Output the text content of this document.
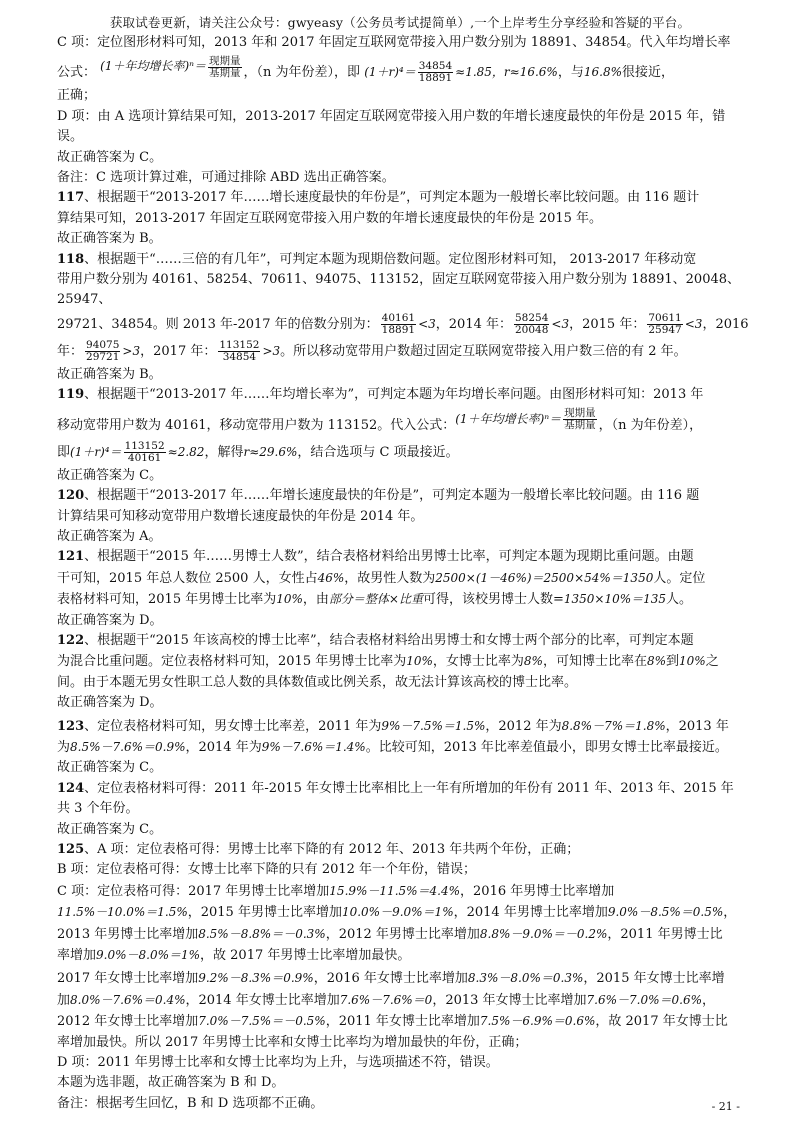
获取试卷更新，请关注公众号：gwyeasy（公务员考试提简单）,一个上岸考生分享经验和答疑的平台。

C 项：定位图形材料可知，2013 年和 2017 年固定互联网宽带接入用户数分别为 18891、34854。代入年均增长率

公式： (1＋年均增长率)$^n= \frac{\text{现期量}}{\text{基期量}}$ ，（n 为年份差），即 $(1+r)^4= \frac{34854}{18891} \approx 1.85$，r≈16.6%，与16.8%很接近，

正确；

D 项：由 A 选项计算结果可知，2013-2017 年固定互联网宽带接入用户数的年增长速度最快的年份是 2015 年，错

误。

故正确答案为 C。

备注：C 选项计算过难，可通过排除 ABD 选出正确答案。

117、根据题干“2013-2017 年……增长速度最快的年份是”，可判定本题为一般增长率比较问题。由 116 题计

算结果可知，2013-2017 年固定互联网宽带接入用户数的年增长速度最快的年份是 2015 年。

故正确答案为 B。

118、根据题干“……三倍的有几年”，可判定本题为现期倍数问题。定位图形材料可知， 2013-2017 年移动宽

带用户数分别为 40161、58254、70611、94075、113152，固定互联网宽带接入用户数分别为 18891、20048、25947、

29721、34854。则 2013 年-2017 年的倍数分别为： $\frac{40161}{18891} <3$，2014 年： $\frac{58254}{20048} <3$，2015 年： $\frac{70611}{25947} <3$，2016

年： $\frac{94075}{29721} >3$，2017 年： $\frac{113152}{34854} >3$。所以移动宽带用户数超过固定互联网宽带接入用户数三倍的有 2 年。

故正确答案为 B。

119、根据题干“2013-2017 年……年均增长率为”，可判定本题为年均增长率问题。由图形材料可知：2013 年

移动宽带用户数为 40161，移动宽带用户数为 113152。代入公式：(1＋年均增长率)$^n= \frac{\text{现期量}}{\text{基期量}}$ ，（n 为年份差），

即$(1+r)^4= \frac{113152}{40161} \approx 2.82$，解得r≈29.6%，结合选项与 C 项最接近。

故正确答案为 C。

120、根据题干“2013-2017 年……年增长速度最快的年份是”，可判定本题为一般增长率比较问题。由 116 题

计算结果可知移动宽带用户数增长速度最快的年份是 2014 年。

故正确答案为 A。

121、根据题干“2015 年……男博士人数”，结合表格材料给出男博士比率，可判定本题为现期比重问题。由题

干可知，2015 年总人数位 2500 人，女性占46%，故男性人数为2500×(1－46%)＝2500×54%＝1350人。定位

表格材料可知，2015 年男博士比率为10%，由部分＝整体×比重可得，该校男博士人数=1350×10%＝135人。

故正确答案为 D。

122、根据题干“2015 年该高校的博士比率”，结合表格材料给出男博士和女博士两个部分的比率，可判定本题

为混合比重问题。定位表格材料可知，2015 年男博士比率为10%，女博士比率为8%，可知博士比率在8%到10%之

间。由于本题无男女性职工总人数的具体数值或比例关系，故无法计算该高校的博士比率。

故正确答案为 D。

123、定位表格材料可知，男女博士比率差，2011 年为9%－7.5%＝1.5%，2012 年为8.8%－7%＝1.8%，2013 年

为8.5%－7.6%＝0.9%，2014 年为9%－7.6%＝1.4%。比较可知，2013 年比率差值最小，即男女博士比率最接近。

故正确答案为 C。

124、定位表格材料可得：2011 年-2015 年女博士比率相比上一年有所增加的年份有 2011 年、2013 年、2015 年

共 3 个年份。

故正确答案为 C。

125、A 项：定位表格可得：男博士比率下降的有 2012 年、2013 年共两个年份，正确；

B 项：定位表格可得：女博士比率下降的只有 2012 年一个年份，错误；

C 项：定位表格可得：2017 年男博士比率增加15.9%－11.5%＝4.4%，2016 年男博士比率增加

11.5%－10.0%＝1.5%，2015 年男博士比率增加10.0%－9.0%＝1%，2014 年男博士比率增加9.0%－8.5%＝0.5%，

2013 年男博士比率增加8.5%－8.8%＝－0.3%，2012 年男博士比率增加8.8%－9.0%＝－0.2%，2011 年男博士比

率增加9.0%－8.0%＝1%，故 2017 年男博士比率增加最快。

2017 年女博士比率增加9.2%－8.3%＝0.9%，2016 年女博士比率增加8.3%－8.0%＝0.3%，2015 年女博士比率增

加8.0%－7.6%＝0.4%，2014 年女博士比率增加7.6%－7.6%＝0，2013 年女博士比率增加7.6%－7.0%＝0.6%，

2012 年女博士比率增加7.0%－7.5%＝－0.5%，2011 年女博士比率增加7.5%－6.9%＝0.6%，故 2017 年女博士比

率增加最快。所以 2017 年男博士比率和女博士比率均为增加最快的年份，正确；

D 项：2011 年男博士比率和女博士比率均为上升，与选项描述不符，错误。

本题为选非题，故正确答案为 B 和 D。

备注：根据考生回忆，B 和 D 选项都不正确。	- 21 -
